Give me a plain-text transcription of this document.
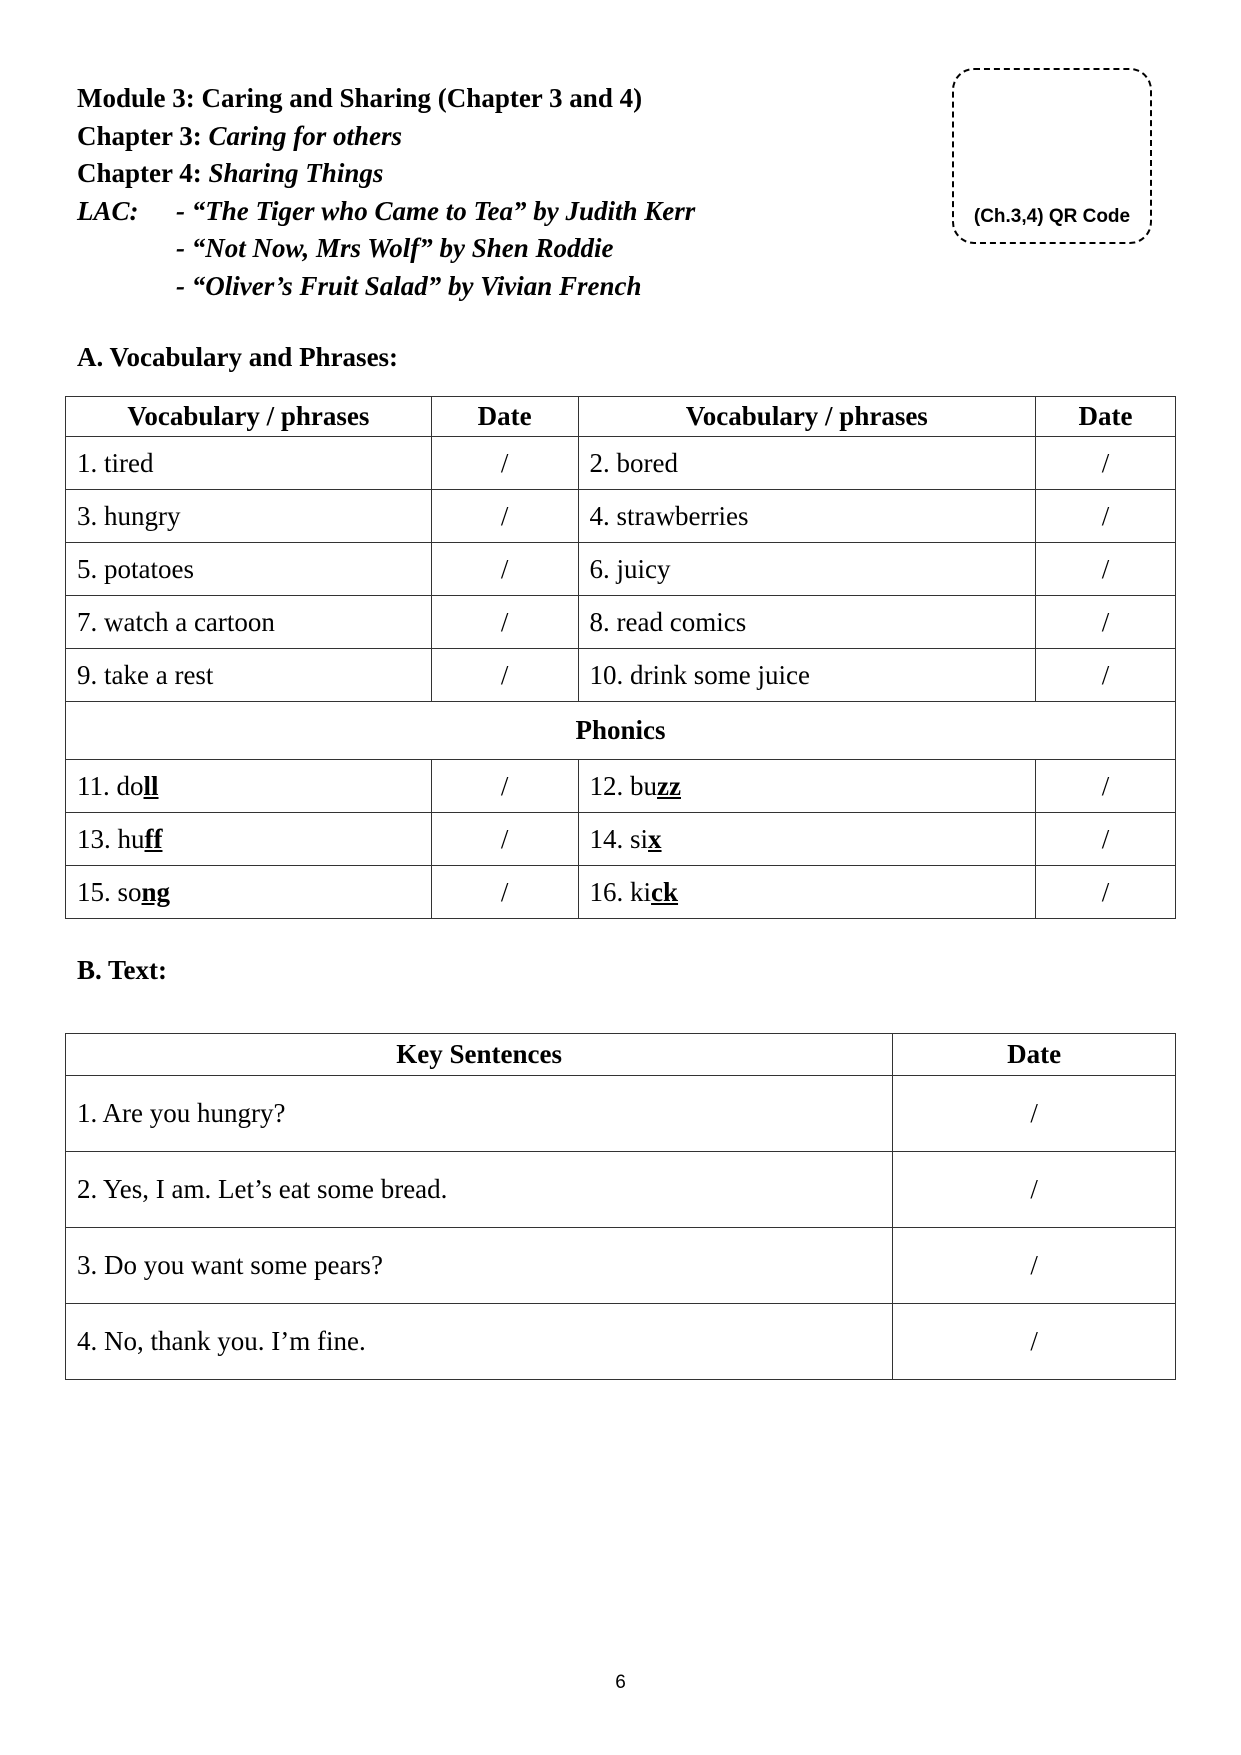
Module 3: Caring and Sharing (Chapter 3 and 4)
Chapter 3: Caring for others
Chapter 4: Sharing Things
LAC: - “The Tiger who Came to Tea” by Judith Kerr
- “Not Now, Mrs Wolf” by Shen Roddie
- “Oliver’s Fruit Salad” by Vivian French
(Ch.3,4) QR Code
A. Vocabulary and Phrases:
Vocabulary / phrases	Date	Vocabulary / phrases	Date
1. tired	/	2. bored	/
3. hungry	/	4. strawberries	/
5. potatoes	/	6. juicy	/
7. watch a cartoon	/	8. read comics	/
9. take a rest	/	10. drink some juice	/
Phonics			
11. doll	/	12. buzz	/
13. huff	/	14. six	/
15. song	/	16. kick	/
B. Text:
Key Sentences	Date
1. Are you hungry?	/
2. Yes, I am. Let’s eat some bread.	/
3. Do you want some pears?	/
4. No, thank you. I’m fine.	/
6
